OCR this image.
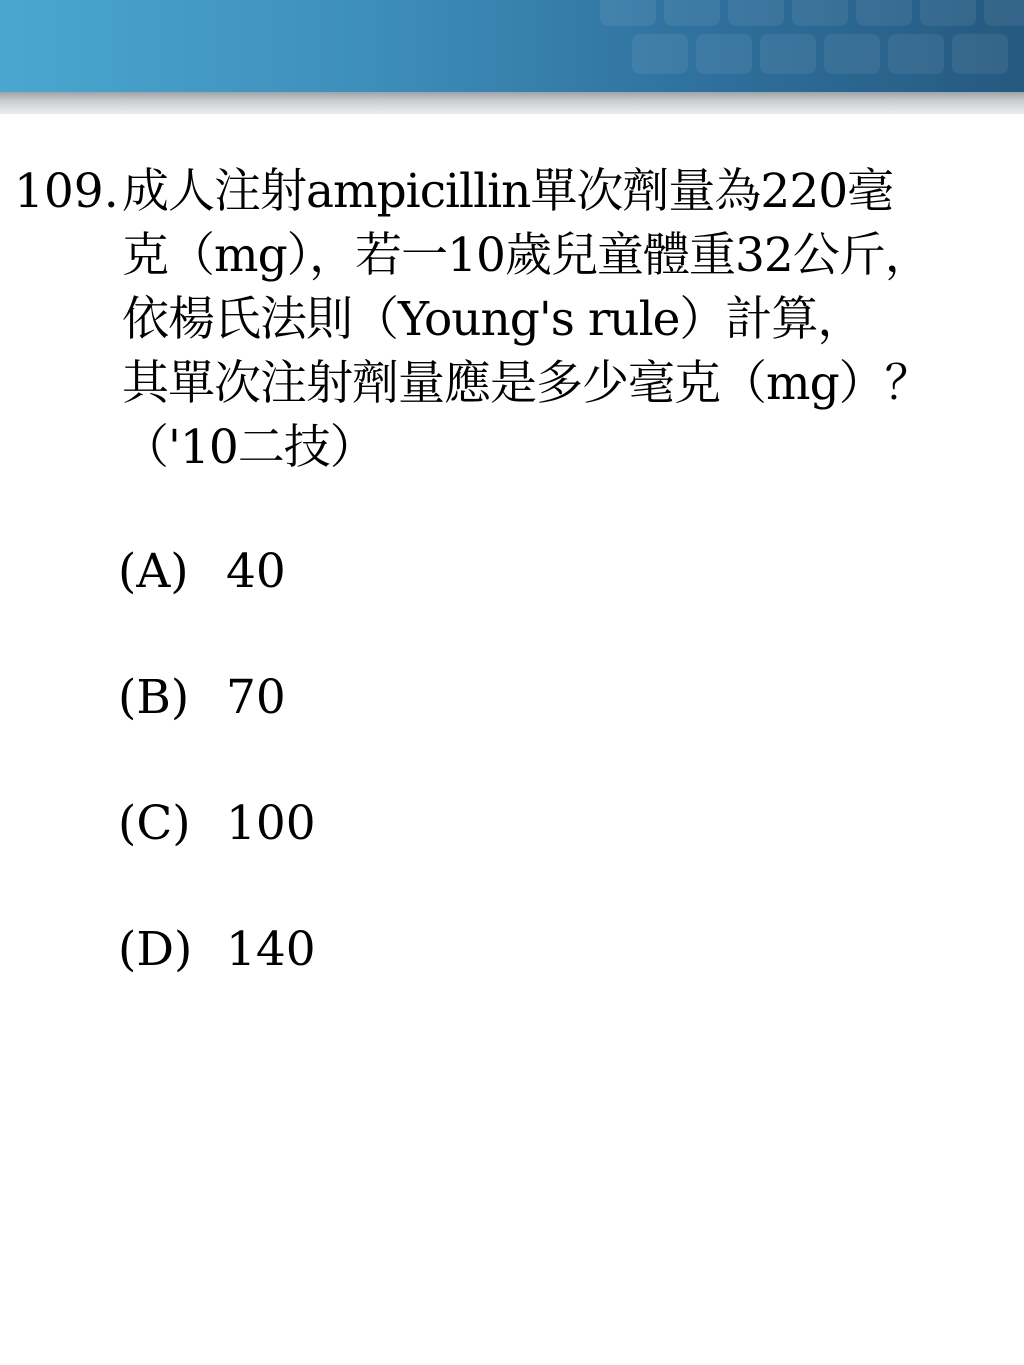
109. 成人注射ampicillin單次劑量為220毫
克（mg），若一10歲兒童體重32公斤，
依楊氏法則（Young's rule）計算，
其單次注射劑量應是多少毫克（mg）？
（'10二技）
(A) 40
(B) 70
(C) 100
(D) 140
